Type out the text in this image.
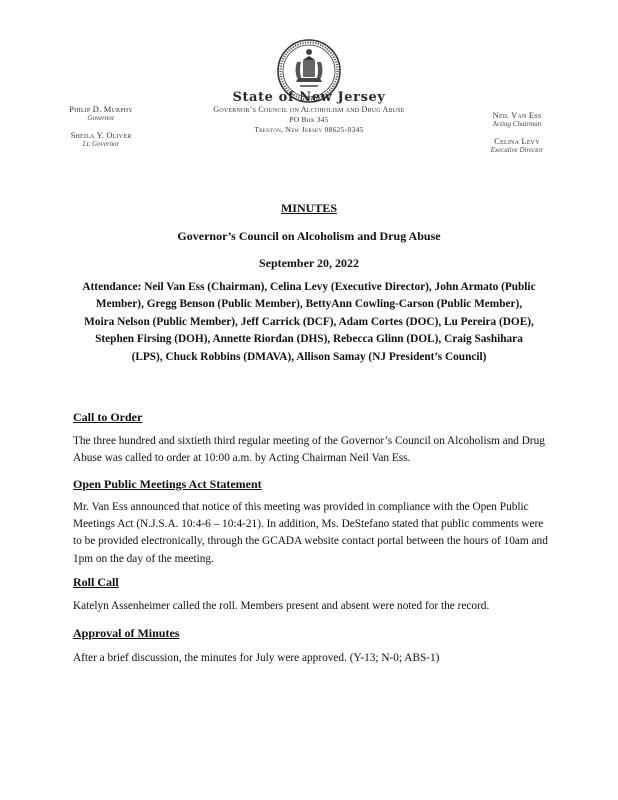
Philip D. Murphy
Governor
Sheila Y. Oliver
Lt. Governor
State of New Jersey
Governor’s Council on Alcoholism and Drug Abuse
PO Box 345
Trenton, New Jersey 08625-0345
Neil Van Ess
Acting Chairman
Celina Levy
Executive Director
MINUTES
Governor’s Council on Alcoholism and Drug Abuse
September 20, 2022
Attendance: Neil Van Ess (Chairman), Celina Levy (Executive Director), John Armato (Public Member), Gregg Benson (Public Member), BettyAnn Cowling-Carson (Public Member), Moira Nelson (Public Member), Jeff Carrick (DCF), Adam Cortes (DOC), Lu Pereira (DOE), Stephen Firsing (DOH), Annette Riordan (DHS), Rebecca Glinn (DOL), Craig Sashihara (LPS), Chuck Robbins (DMAVA), Allison Samay (NJ President’s Council)
Call to Order
The three hundred and sixtieth third regular meeting of the Governor’s Council on Alcoholism and Drug Abuse was called to order at 10:00 a.m. by Acting Chairman Neil Van Ess.
Open Public Meetings Act Statement
Mr. Van Ess announced that notice of this meeting was provided in compliance with the Open Public Meetings Act (N.J.S.A. 10:4-6 – 10:4-21). In addition, Ms. DeStefano stated that public comments were to be provided electronically, through the GCADA website contact portal between the hours of 10am and 1pm on the day of the meeting.
Roll Call
Katelyn Assenheimer called the roll. Members present and absent were noted for the record.
Approval of Minutes
After a brief discussion, the minutes for July were approved. (Y-13; N-0; ABS-1)
